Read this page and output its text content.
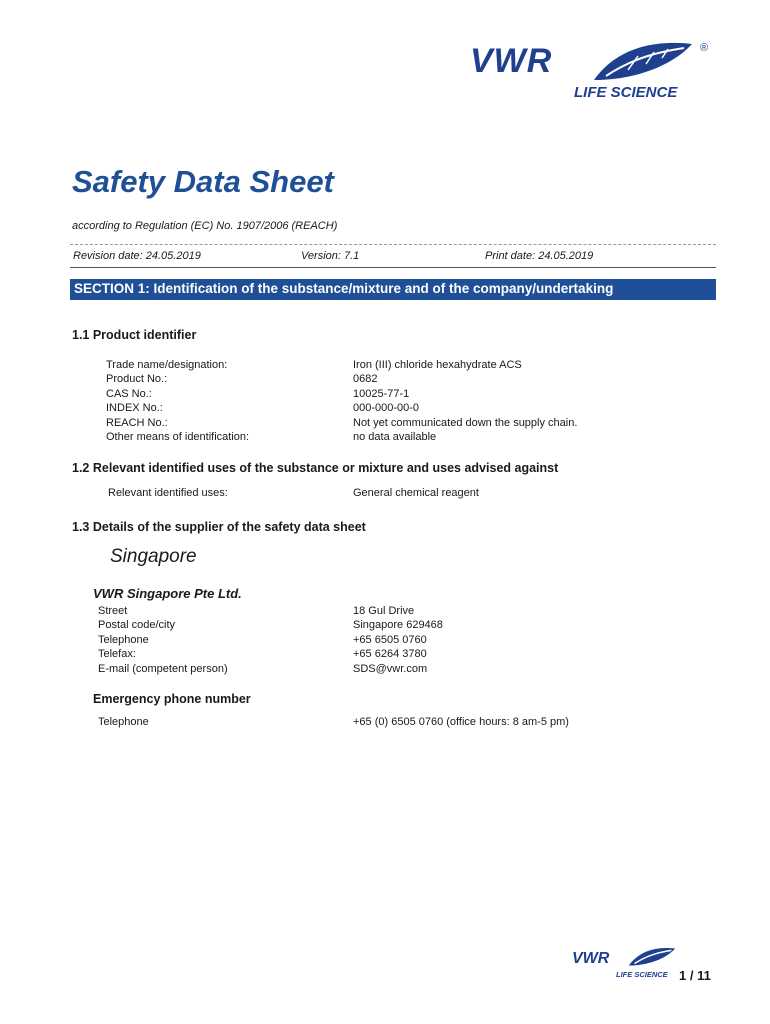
VWR	®
LIFE SCIENCE
Safety Data Sheet
according to Regulation (EC) No. 1907/2006 (REACH)
Revision date: 24.05.2019	Version: 7.1	Print date: 24.05.2019
SECTION 1: Identification of the substance/mixture and of the company/undertaking
1.1 Product identifier
Trade name/designation:	Iron (III) chloride hexahydrate ACS
Product No.:	0682
CAS No.:	10025-77-1
INDEX No.:	000-000-00-0
REACH No.:	Not yet communicated down the supply chain.
Other means of identification:	no data available
1.2 Relevant identified uses of the substance or mixture and uses advised against
Relevant identified uses:	General chemical reagent
1.3 Details of the supplier of the safety data sheet
Singapore
VWR Singapore Pte Ltd.
Street	18 Gul Drive
Postal code/city	Singapore 629468
Telephone	+65 6505 0760
Telefax:	+65 6264 3780
E-mail (competent person)	SDS@vwr.com
Emergency phone number
Telephone	+65 (0) 6505 0760 (office hours: 8 am-5 pm)
VWR
LIFE SCIENCE 1 / 11
